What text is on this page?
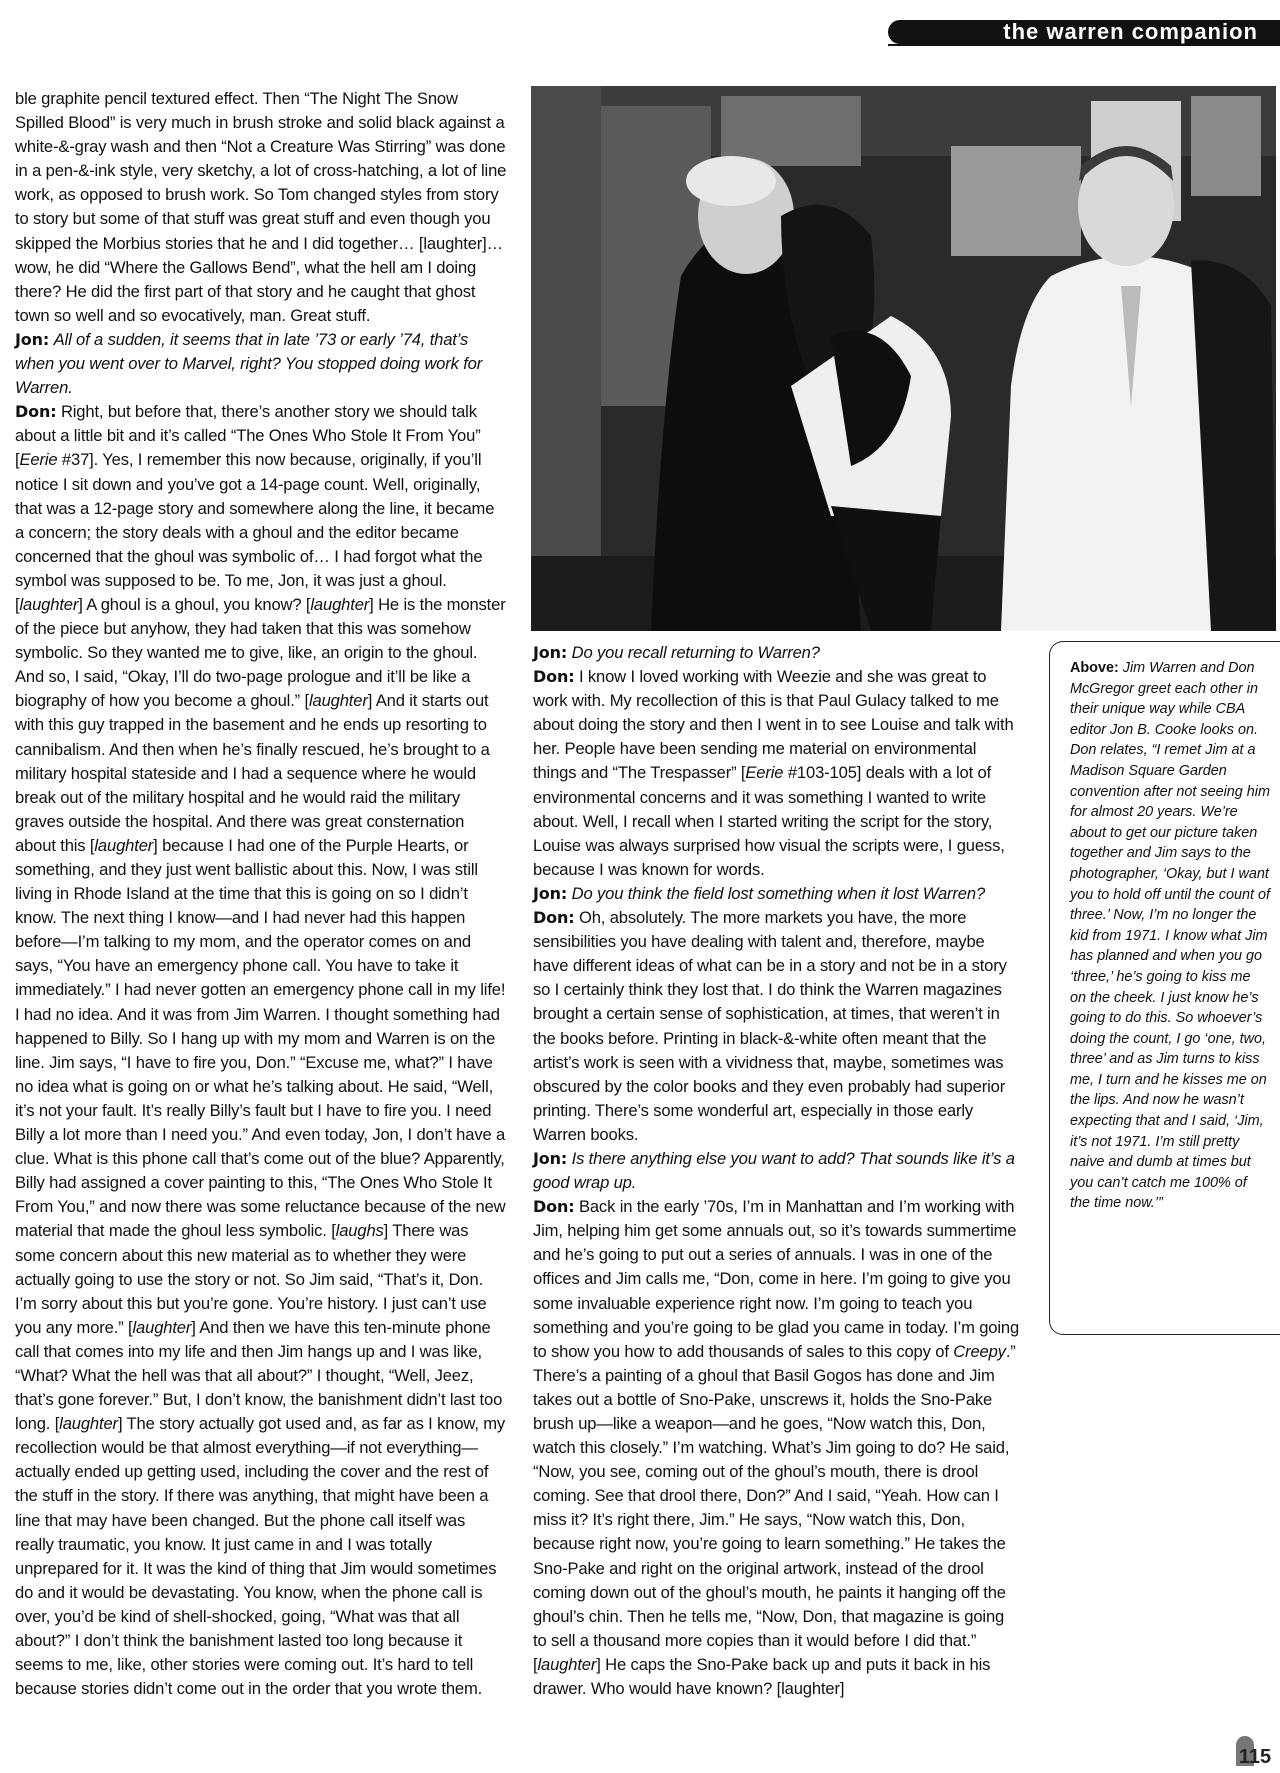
the warren companion

ble graphite pencil textured effect. Then “The Night The Snow Spilled Blood” is very much in brush stroke and solid black against a white-&-gray wash and then “Not a Creature Was Stirring” was done in a pen-&-ink style, very sketchy, a lot of cross-hatching, a lot of line work, as opposed to brush work. So Tom changed styles from story to story but some of that stuff was great stuff and even though you skipped the Morbius stories that he and I did together… [laughter]… wow, he did “Where the Gallows Bend”, what the hell am I doing there? He did the first part of that story and he caught that ghost town so well and so evocatively, man. Great stuff.

Jon: All of a sudden, it seems that in late ’73 or early ’74, that’s when you went over to Marvel, right? You stopped doing work for Warren.

Don: Right, but before that, there’s another story we should talk about a little bit and it’s called “The Ones Who Stole It From You” [Eerie #37]. Yes, I remember this now because, originally, if you’ll notice I sit down and you’ve got a 14-page count. Well, originally, that was a 12-page story and somewhere along the line, it became a concern; the story deals with a ghoul and the editor became concerned that the ghoul was symbolic of… I had forgot what the symbol was supposed to be. To me, Jon, it was just a ghoul. [laughter] A ghoul is a ghoul, you know? [laughter] He is the monster of the piece but anyhow, they had taken that this was somehow symbolic. So they wanted me to give, like, an origin to the ghoul. And so, I said, “Okay, I’ll do two-page prologue and it’ll be like a biography of how you become a ghoul.” [laughter] And it starts out with this guy trapped in the basement and he ends up resorting to cannibalism. And then when he’s finally rescued, he’s brought to a military hospital stateside and I had a sequence where he would break out of the military hospital and he would raid the military graves outside the hospital. And there was great consternation about this [laughter] because I had one of the Purple Hearts, or something, and they just went ballistic about this. Now, I was still living in Rhode Island at the time that this is going on so I didn’t know. The next thing I know—and I had never had this happen before—I’m talking to my mom, and the operator comes on and says, “You have an emergency phone call. You have to take it immediately.” I had never gotten an emergency phone call in my life! I had no idea. And it was from Jim Warren. I thought something had happened to Billy. So I hang up with my mom and Warren is on the line. Jim says, “I have to fire you, Don.” “Excuse me, what?” I have no idea what is going on or what he’s talking about. He said, “Well, it’s not your fault. It’s really Billy’s fault but I have to fire you. I need Billy a lot more than I need you.” And even today, Jon, I don’t have a clue. What is this phone call that’s come out of the blue? Apparently, Billy had assigned a cover painting to this, “The Ones Who Stole It From You,” and now there was some reluctance because of the new material that made the ghoul less symbolic. [laughs] There was some concern about this new material as to whether they were actually going to use the story or not. So Jim said, “That’s it, Don. I’m sorry about this but you’re gone. You’re history. I just can’t use you any more.” [laughter] And then we have this ten-minute phone call that comes into my life and then Jim hangs up and I was like, “What? What the hell was that all about?” I thought, “Well, Jeez, that’s gone forever.” But, I don’t know, the banishment didn’t last too long. [laughter] The story actually got used and, as far as I know, my recollection would be that almost everything—if not everything—actually ended up getting used, including the cover and the rest of the stuff in the story. If there was anything, that might have been a line that may have been changed. But the phone call itself was really traumatic, you know. It just came in and I was totally unprepared for it. It was the kind of thing that Jim would sometimes do and it would be devastating. You know, when the phone call is over, you’d be kind of shell-shocked, going, “What was that all about?” I don’t think the banishment lasted too long because it seems to me, like, other stories were coming out. It’s hard to tell because stories didn’t come out in the order that you wrote them.

Jon: Do you recall returning to Warren?

Don: I know I loved working with Weezie and she was great to work with. My recollection of this is that Paul Gulacy talked to me about doing the story and then I went in to see Louise and talk with her. People have been sending me material on environmental things and “The Trespasser” [Eerie #103-105] deals with a lot of environmental concerns and it was something I wanted to write about. Well, I recall when I started writing the script for the story, Louise was always surprised how visual the scripts were, I guess, because I was known for words.

Jon: Do you think the field lost something when it lost Warren?

Don: Oh, absolutely. The more markets you have, the more sensibilities you have dealing with talent and, therefore, maybe have different ideas of what can be in a story and not be in a story so I certainly think they lost that. I do think the Warren magazines brought a certain sense of sophistication, at times, that weren’t in the books before. Printing in black-&-white often meant that the artist’s work is seen with a vividness that, maybe, sometimes was obscured by the color books and they even probably had superior printing. There’s some wonderful art, especially in those early Warren books.

Jon: Is there anything else you want to add? That sounds like it’s a good wrap up.

Don: Back in the early ’70s, I’m in Manhattan and I’m working with Jim, helping him get some annuals out, so it’s towards summertime and he’s going to put out a series of annuals. I was in one of the offices and Jim calls me, “Don, come in here. I’m going to give you some invaluable experience right now. I’m going to teach you something and you’re going to be glad you came in today. I’m going to show you how to add thousands of sales to this copy of Creepy.” There’s a painting of a ghoul that Basil Gogos has done and Jim takes out a bottle of Sno-Pake, unscrews it, holds the Sno-Pake brush up—like a weapon—and he goes, “Now watch this, Don, watch this closely.” I’m watching. What’s Jim going to do? He said, “Now, you see, coming out of the ghoul’s mouth, there is drool coming. See that drool there, Don?” And I said, “Yeah. How can I miss it? It’s right there, Jim.” He says, “Now watch this, Don, because right now, you’re going to learn something.” He takes the Sno-Pake and right on the original artwork, instead of the drool coming down out of the ghoul’s mouth, he paints it hanging off the ghoul’s chin. Then he tells me, “Now, Don, that magazine is going to sell a thousand more copies than it would before I did that.” [laughter] He caps the Sno-Pake back up and puts it back in his drawer. Who would have known? [laughter]

Above: Jim Warren and Don McGregor greet each other in their unique way while CBA editor Jon B. Cooke looks on. Don relates, “I remet Jim at a Madison Square Garden convention after not seeing him for almost 20 years. We’re about to get our picture taken together and Jim says to the photographer, ‘Okay, but I want you to hold off until the count of three.’ Now, I’m no longer the kid from 1971. I know what Jim has planned and when you go ‘three,’ he’s going to kiss me on the cheek. I just know he’s going to do this. So whoever’s doing the count, I go ‘one, two, three’ and as Jim turns to kiss me, I turn and he kisses me on the lips. And now he wasn’t expecting that and I said, ‘Jim, it’s not 1971. I’m still pretty naive and dumb at times but you can’t catch me 100% of the time now.’”
115
